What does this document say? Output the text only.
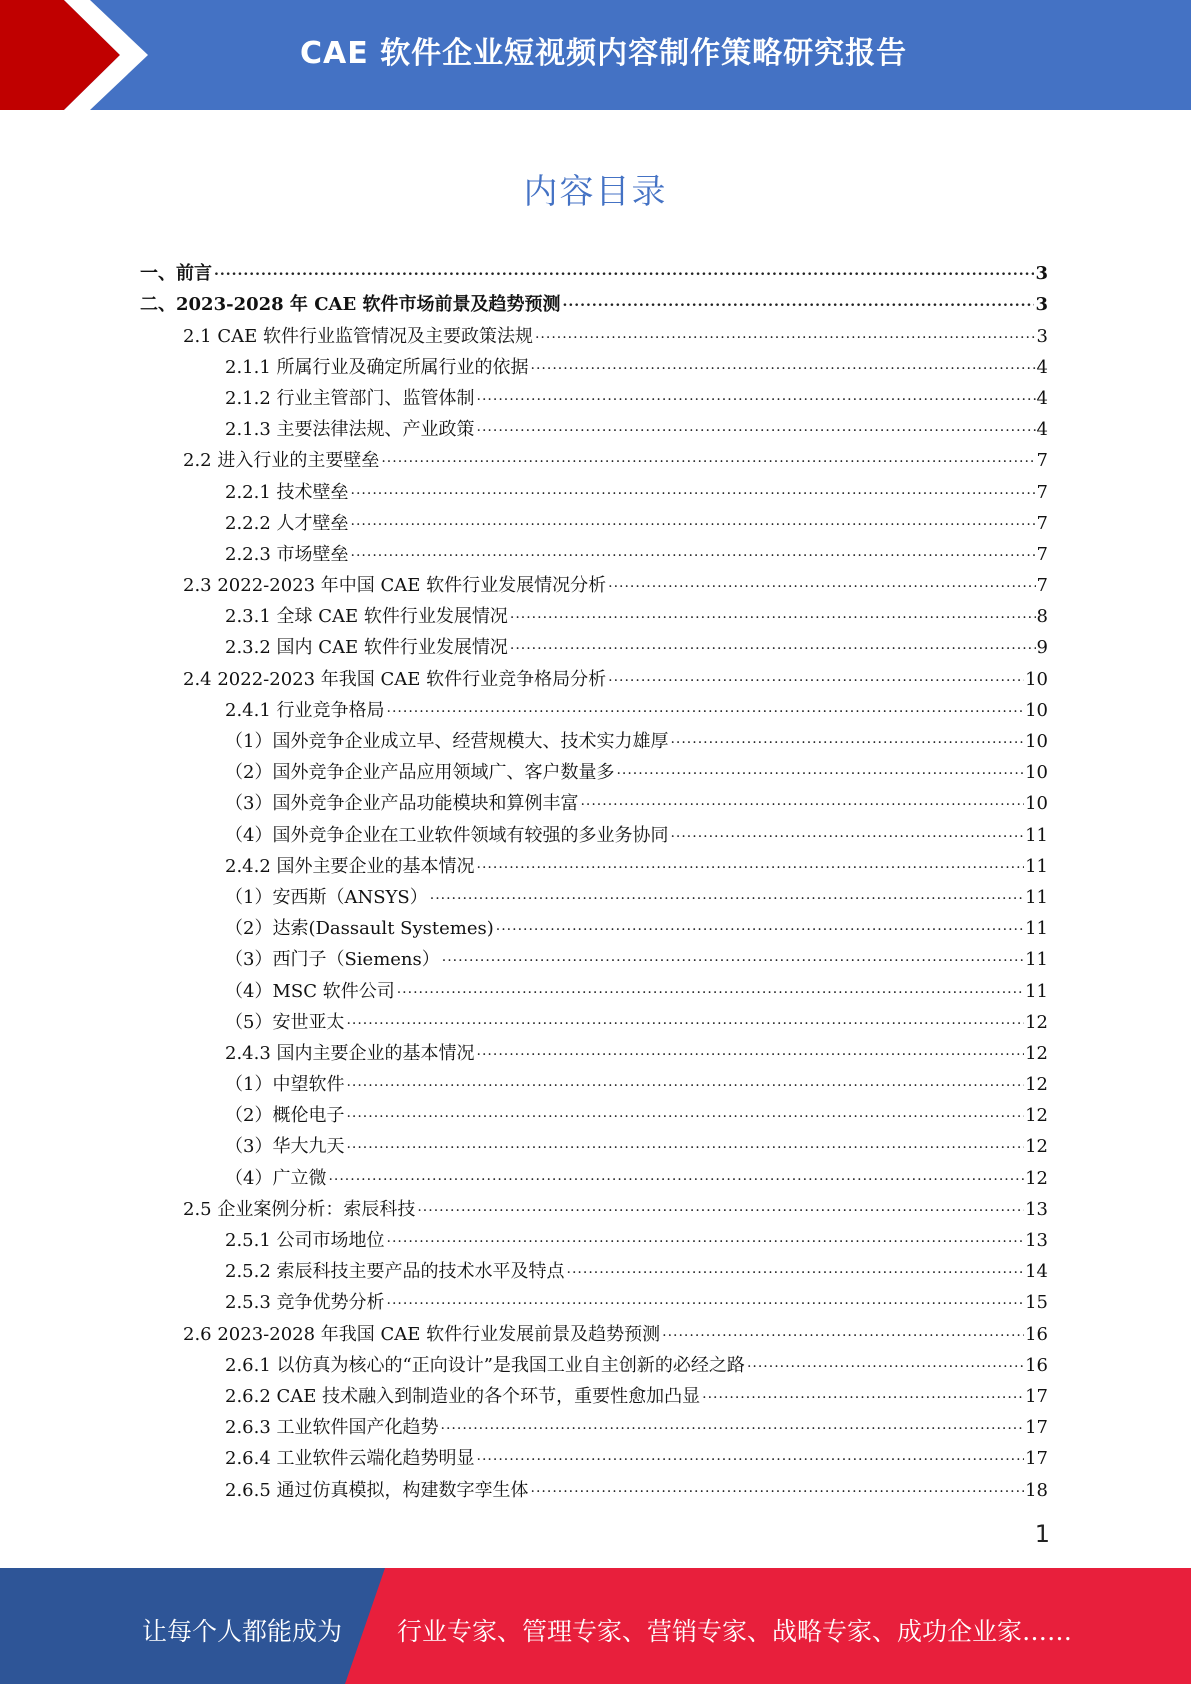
CAE 软件企业短视频内容制作策略研究报告
内容目录
一、前言 .....	3
二、2023-2028 年 CAE 软件市场前景及趋势预测 .....	3
2.1 CAE 软件行业监管情况及主要政策法规 .....	3
2.1.1 所属行业及确定所属行业的依据 .....	4
2.1.2 行业主管部门、监管体制 .....	4
2.1.3 主要法律法规、产业政策 .....	4
2.2 进入行业的主要壁垒 .....	7
2.2.1 技术壁垒 .....	7
2.2.2 人才壁垒 .....	7
2.2.3 市场壁垒 .....	7
2.3 2022-2023 年中国 CAE 软件行业发展情况分析 .....	7
2.3.1 全球 CAE 软件行业发展情况 .....	8
2.3.2 国内 CAE 软件行业发展情况 .....	9
2.4 2022-2023 年我国 CAE 软件行业竞争格局分析 .....	10
2.4.1 行业竞争格局 .....	10
（1）国外竞争企业成立早、经营规模大、技术实力雄厚 .....	10
（2）国外竞争企业产品应用领域广、客户数量多 .....	10
（3）国外竞争企业产品功能模块和算例丰富 .....	10
（4）国外竞争企业在工业软件领域有较强的多业务协同 .....	11
2.4.2 国外主要企业的基本情况 .....	11
（1）安西斯（ANSYS） .....	11
（2）达索(Dassault Systemes) .....	11
（3）西门子（Siemens） .....	11
（4）MSC 软件公司 .....	11
（5）安世亚太 .....	12
2.4.3 国内主要企业的基本情况 .....	12
（1）中望软件 .....	12
（2）概伦电子 .....	12
（3）华大九天 .....	12
（4）广立微 .....	12
2.5 企业案例分析：索辰科技 .....	13
2.5.1 公司市场地位 .....	13
2.5.2 索辰科技主要产品的技术水平及特点 .....	14
2.5.3 竞争优势分析 .....	15
2.6 2023-2028 年我国 CAE 软件行业发展前景及趋势预测 .....	16
2.6.1 以仿真为核心的“正向设计”是我国工业自主创新的必经之路 .....	16
2.6.2 CAE 技术融入到制造业的各个环节，重要性愈加凸显 .....	17
2.6.3 工业软件国产化趋势 .....	17
2.6.4 工业软件云端化趋势明显 .....	17
2.6.5 通过仿真模拟，构建数字孪生体 .....	18
1
让每个人都能成为 行业专家、管理专家、营销专家、战略专家、成功企业家……
